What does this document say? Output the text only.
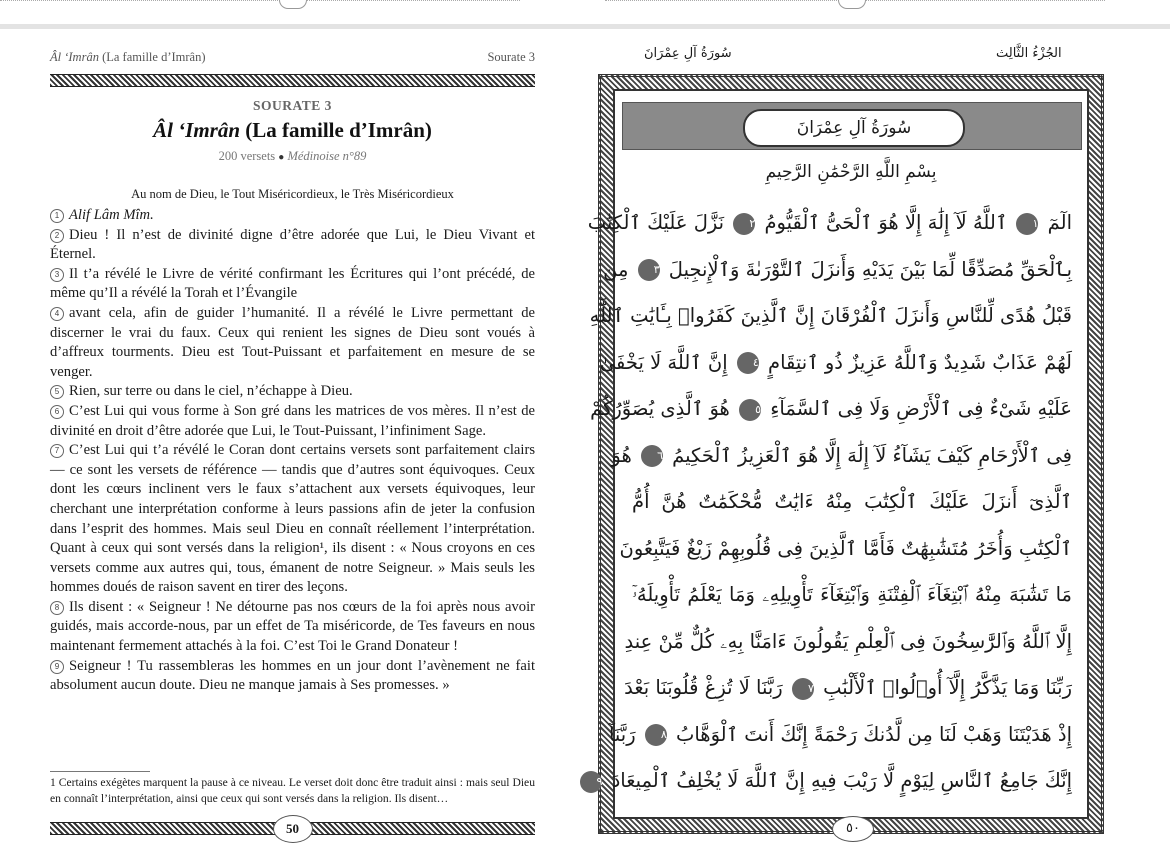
Âl ‘Imrân (La famille d’Imrân)	Sourate 3
SOURATE 3
Âl ‘Imrân (La famille d’Imrân)
200 versets ● Médinoise n°89
Au nom de Dieu, le Tout Miséricordieux, le Très Miséricordieux

1 Alif Lâm Mîm.

2 Dieu ! Il n’est de divinité digne d’être adorée que Lui, le Dieu Vivant et Éternel.

3 Il t’a révélé le Livre de vérité confirmant les Écritures qui l’ont précédé, de même qu’Il a révélé la Torah et l’Évangile

4 avant cela, afin de guider l’humanité. Il a révélé le Livre permettant de discerner le vrai du faux. Ceux qui renient les signes de Dieu sont voués à d’affreux tourments. Dieu est Tout-Puissant et parfaitement en mesure de se venger.

5 Rien, sur terre ou dans le ciel, n’échappe à Dieu.

6 C’est Lui qui vous forme à Son gré dans les matrices de vos mères. Il n’est de divinité en droit d’être adorée que Lui, le Tout-Puissant, l’infiniment Sage.

7 C’est Lui qui t’a révélé le Coran dont certains versets sont parfaitement clairs — ce sont les versets de référence — tandis que d’autres sont équivoques. Ceux dont les cœurs inclinent vers le faux s’attachent aux versets équivoques, leur cherchant une interprétation conforme à leurs passions afin de jeter la confusion dans l’esprit des hommes. Mais seul Dieu en connaît réellement l’interprétation. Quant à ceux qui sont versés dans la religion¹, ils disent : « Nous croyons en ces versets comme aux autres qui, tous, émanent de notre Seigneur. » Mais seuls les hommes doués de raison savent en tirer des leçons.

8 Ils disent : « Seigneur ! Ne détourne pas nos cœurs de la foi après nous avoir guidés, mais accorde-nous, par un effet de Ta miséricorde, de Tes faveurs en nous maintenant fermement attachés à la foi. C’est Toi le Grand Donateur !

9 Seigneur ! Tu rassembleras les hommes en un jour dont l’avènement ne fait absolument aucun doute. Dieu ne manque jamais à Ses promesses. »

1 Certains exégètes marquent la pause à ce niveau. Le verset doit donc être traduit ainsi : mais seul Dieu en connaît l’interprétation, ainsi que ceux qui sont versés dans la religion. Ils disent…
50
الجُزْءُ الثَّالِث
سُورَةُ آلِ عِمْرَانَ
سُورَةُ آلِ عِمْرَانَ
بِسْمِ اللَّهِ الرَّحْمَٰنِ الرَّحِيمِ
الٓمٓ ١ ٱللَّهُ لَآ إِلَٰهَ إِلَّا هُوَ ٱلْحَىُّ ٱلْقَيُّومُ ٢ نَزَّلَ عَلَيْكَ ٱلْكِتَٰبَ
بِٱلْحَقِّ مُصَدِّقًا لِّمَا بَيْنَ يَدَيْهِ وَأَنزَلَ ٱلتَّوْرَىٰةَ وَٱلْإِنجِيلَ ٣ مِن
قَبْلُ هُدًى لِّلنَّاسِ وَأَنزَلَ ٱلْفُرْقَانَ إِنَّ ٱلَّذِينَ كَفَرُوا۟ بِـَٔايَٰتِ ٱللَّهِ
لَهُمْ عَذَابٌ شَدِيدٌ وَٱللَّهُ عَزِيزٌ ذُو ٱنتِقَامٍ ٤ إِنَّ ٱللَّهَ لَا يَخْفَىٰ
عَلَيْهِ شَىْءٌ فِى ٱلْأَرْضِ وَلَا فِى ٱلسَّمَآءِ ٥ هُوَ ٱلَّذِى يُصَوِّرُكُمْ
فِى ٱلْأَرْحَامِ كَيْفَ يَشَآءُ لَآ إِلَٰهَ إِلَّا هُوَ ٱلْعَزِيزُ ٱلْحَكِيمُ ٦ هُوَ
ٱلَّذِىٓ أَنزَلَ عَلَيْكَ ٱلْكِتَٰبَ مِنْهُ ءَايَٰتٌ مُّحْكَمَٰتٌ هُنَّ أُمُّ
ٱلْكِتَٰبِ وَأُخَرُ مُتَشَٰبِهَٰتٌ فَأَمَّا ٱلَّذِينَ فِى قُلُوبِهِمْ زَيْغٌ فَيَتَّبِعُونَ
مَا تَشَٰبَهَ مِنْهُ ٱبْتِغَآءَ ٱلْفِتْنَةِ وَٱبْتِغَآءَ تَأْوِيلِهِۦ وَمَا يَعْلَمُ تَأْوِيلَهُۥٓ
إِلَّا ٱللَّهُ وَٱلرَّٰسِخُونَ فِى ٱلْعِلْمِ يَقُولُونَ ءَامَنَّا بِهِۦ كُلٌّ مِّنْ عِندِ
رَبِّنَا وَمَا يَذَّكَّرُ إِلَّآ أُو۟لُوا۟ ٱلْأَلْبَٰبِ ٧ رَبَّنَا لَا تُزِغْ قُلُوبَنَا بَعْدَ
إِذْ هَدَيْتَنَا وَهَبْ لَنَا مِن لَّدُنكَ رَحْمَةً إِنَّكَ أَنتَ ٱلْوَهَّابُ ٨ رَبَّنَآ
إِنَّكَ جَامِعُ ٱلنَّاسِ لِيَوْمٍ لَّا رَيْبَ فِيهِ إِنَّ ٱللَّهَ لَا يُخْلِفُ ٱلْمِيعَادَ ٩
٥٠
